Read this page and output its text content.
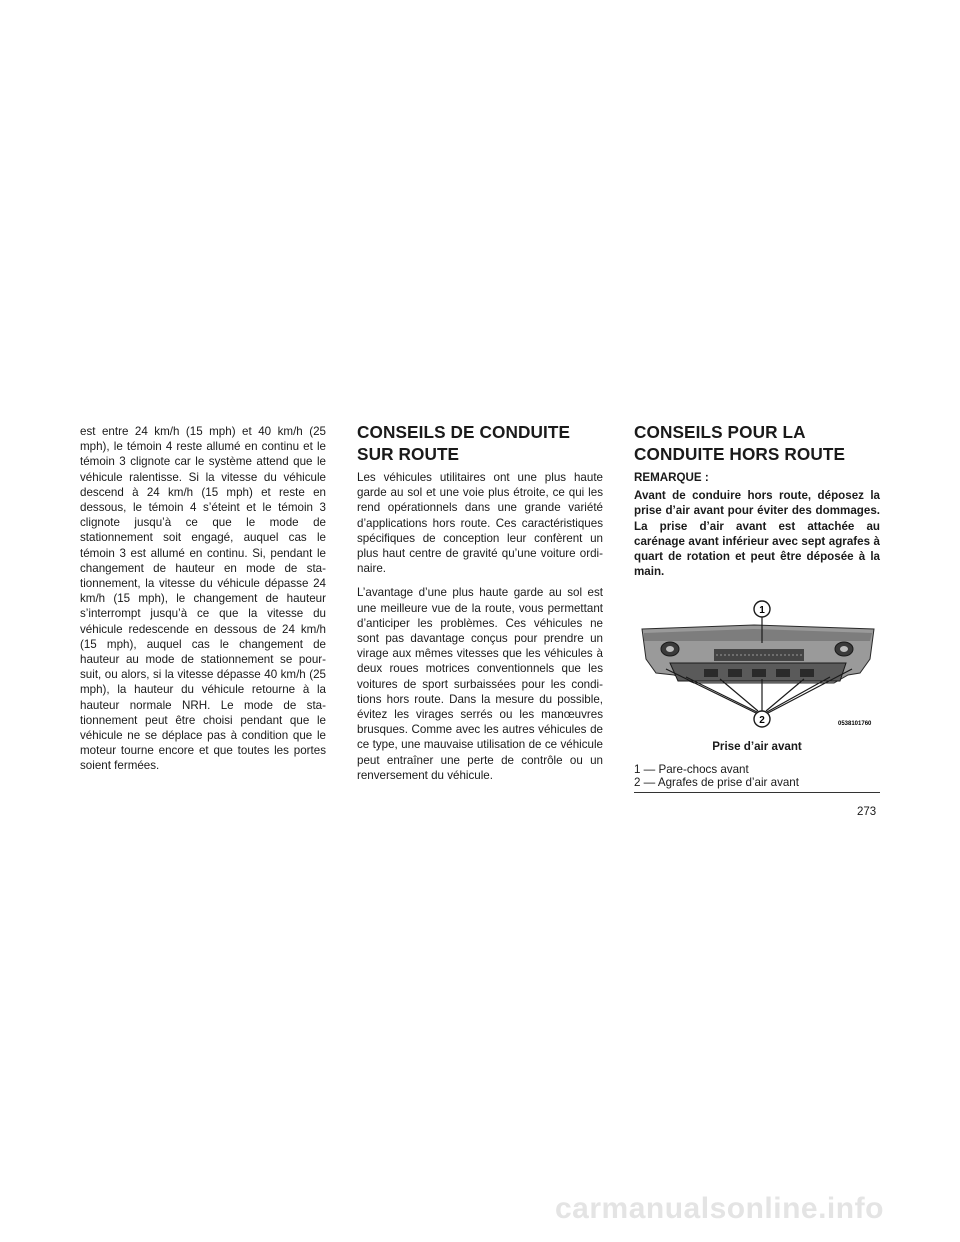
est entre 24 km/h (15 mph) et 40 km/h (25 mph), le témoin 4 reste allumé en continu et le témoin 3 clignote car le système attend que le véhicule ralentisse. Si la vitesse du véhicule descend à 24 km/h (15 mph) et reste en dessous, le témoin 4 s’éteint et le témoin 3 clignote jusqu’à ce que le mode de stationnement soit engagé, auquel cas le témoin 3 est allumé en continu. Si, pendant le changement de hauteur en mode de sta- tionnement, la vitesse du véhicule dépasse 24 km/h (15 mph), le changement de hauteur s’interrompt jusqu’à ce que la vitesse du véhicule redescende en dessous de 24 km/h (15 mph), auquel cas le changement de hauteur au mode de stationnement se pour- suit, ou alors, si la vitesse dépasse 40 km/h (25 mph), la hauteur du véhicule retourne à la hauteur normale NRH. Le mode de sta- tionnement peut être choisi pendant que le véhicule ne se déplace pas à condition que le moteur tourne encore et que toutes les portes soient fermées.

CONSEILS DE CONDUITE SUR ROUTE

Les véhicules utilitaires ont une plus haute garde au sol et une voie plus étroite, ce qui les rend opérationnels dans une grande variété d’applications hors route. Ces caractéristiques spécifiques de conception leur confèrent un plus haut centre de gravité qu’une voiture ordi- naire.

L’avantage d’une plus haute garde au sol est une meilleure vue de la route, vous permettant d’anticiper les problèmes. Ces véhicules ne sont pas davantage conçus pour prendre un virage aux mêmes vitesses que les véhicules à deux roues motrices conventionnels que les voitures de sport surbaissées pour les condi- tions hors route. Dans la mesure du possible, évitez les virages serrés ou les manœuvres brusques. Comme avec les autres véhicules de ce type, une mauvaise utilisation de ce véhicule peut entraîner une perte de contrôle ou un renversement du véhicule.

CONSEILS POUR LA CONDUITE HORS ROUTE
REMARQUE :

Avant de conduire hors route, déposez la prise d’air avant pour éviter des dommages. La prise d’air avant est attachée au carénage avant inférieur avec sept agrafes à quart de rotation et peut être déposée à la main.

1
2	0538101760
Prise d’air avant
1 — Pare-chocs avant
2 — Agrafes de prise d’air avant
273
carmanualsonline.info
